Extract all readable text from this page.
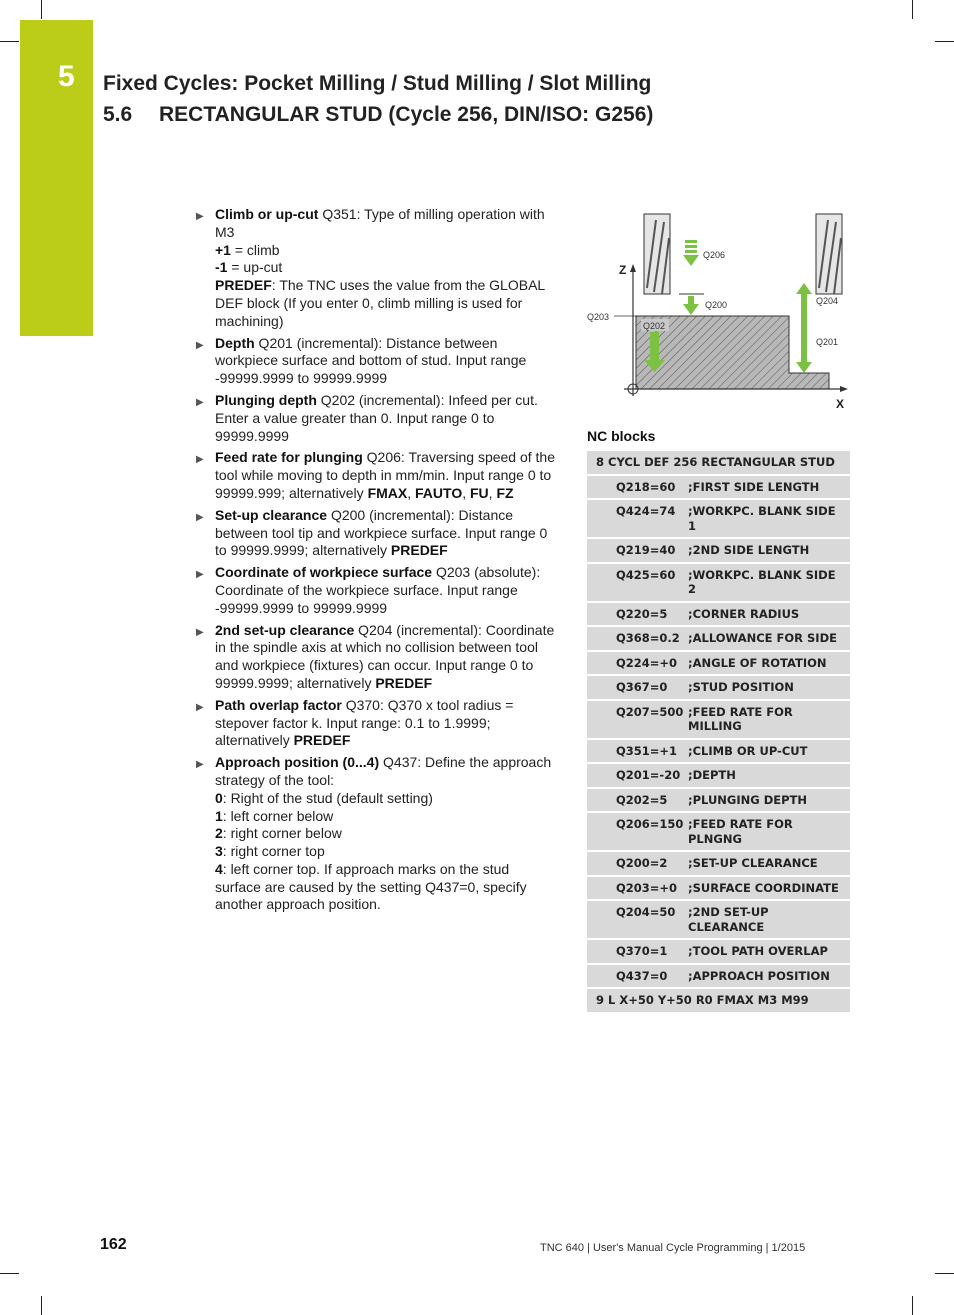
5 Fixed Cycles: Pocket Milling / Stud Milling / Slot Milling
5.6 RECTANGULAR STUD (Cycle 256, DIN/ISO: G256)
▶ Climb or up-cut Q351: Type of milling operation with M3
+1 = climb
-1 = up-cut
PREDEF: The TNC uses the value from the GLOBAL DEF block (If you enter 0, climb milling is used for machining)
▶ Depth Q201 (incremental): Distance between workpiece surface and bottom of stud. Input range -99999.9999 to 99999.9999
▶ Plunging depth Q202 (incremental): Infeed per cut. Enter a value greater than 0. Input range 0 to 99999.9999
▶ Feed rate for plunging Q206: Traversing speed of the tool while moving to depth in mm/min. Input range 0 to 99999.999; alternatively FMAX, FAUTO, FU, FZ
▶ Set-up clearance Q200 (incremental): Distance between tool tip and workpiece surface. Input range 0 to 99999.9999; alternatively PREDEF
▶ Coordinate of workpiece surface Q203 (absolute): Coordinate of the workpiece surface. Input range -99999.9999 to 99999.9999
▶ 2nd set-up clearance Q204 (incremental): Coordinate in the spindle axis at which no collision between tool and workpiece (fixtures) can occur. Input range 0 to 99999.9999; alternatively PREDEF
▶ Path overlap factor Q370: Q370 x tool radius = stepover factor k. Input range: 0.1 to 1.9999; alternatively PREDEF
▶ Approach position (0...4) Q437: Define the approach strategy of the tool:
0: Right of the stud (default setting)
1: left corner below
2: right corner below
3: right corner top
4: left corner top. If approach marks on the stud surface are caused by the setting Q437=0, specify another approach position.
Z
X
Q206
Q200
Q203
Q202
Q204
Q201
NC blocks
8 CYCL DEF 256 RECTANGULAR STUD
Q218=60	;FIRST SIDE LENGTH
Q424=74	;WORKPC. BLANK SIDE 1
Q219=40	;2ND SIDE LENGTH
Q425=60	;WORKPC. BLANK SIDE 2
Q220=5	;CORNER RADIUS
Q368=0.2 ;ALLOWANCE FOR SIDE
Q224=+0 ;ANGLE OF ROTATION
Q367=0	;STUD POSITION
Q207=500 ;FEED RATE FOR MILLING
Q351=+1 ;CLIMB OR UP-CUT
Q201=-20 ;DEPTH
Q202=5	;PLUNGING DEPTH
Q206=150 ;FEED RATE FOR PLNGNG
Q200=2	;SET-UP CLEARANCE
Q203=+0 ;SURFACE COORDINATE
Q204=50	;2ND SET-UP CLEARANCE
Q370=1	;TOOL PATH OVERLAP
Q437=0	;APPROACH POSITION
9 L X+50 Y+50 R0 FMAX M3 M99
162	TNC 640 | User's Manual Cycle Programming | 1/2015
